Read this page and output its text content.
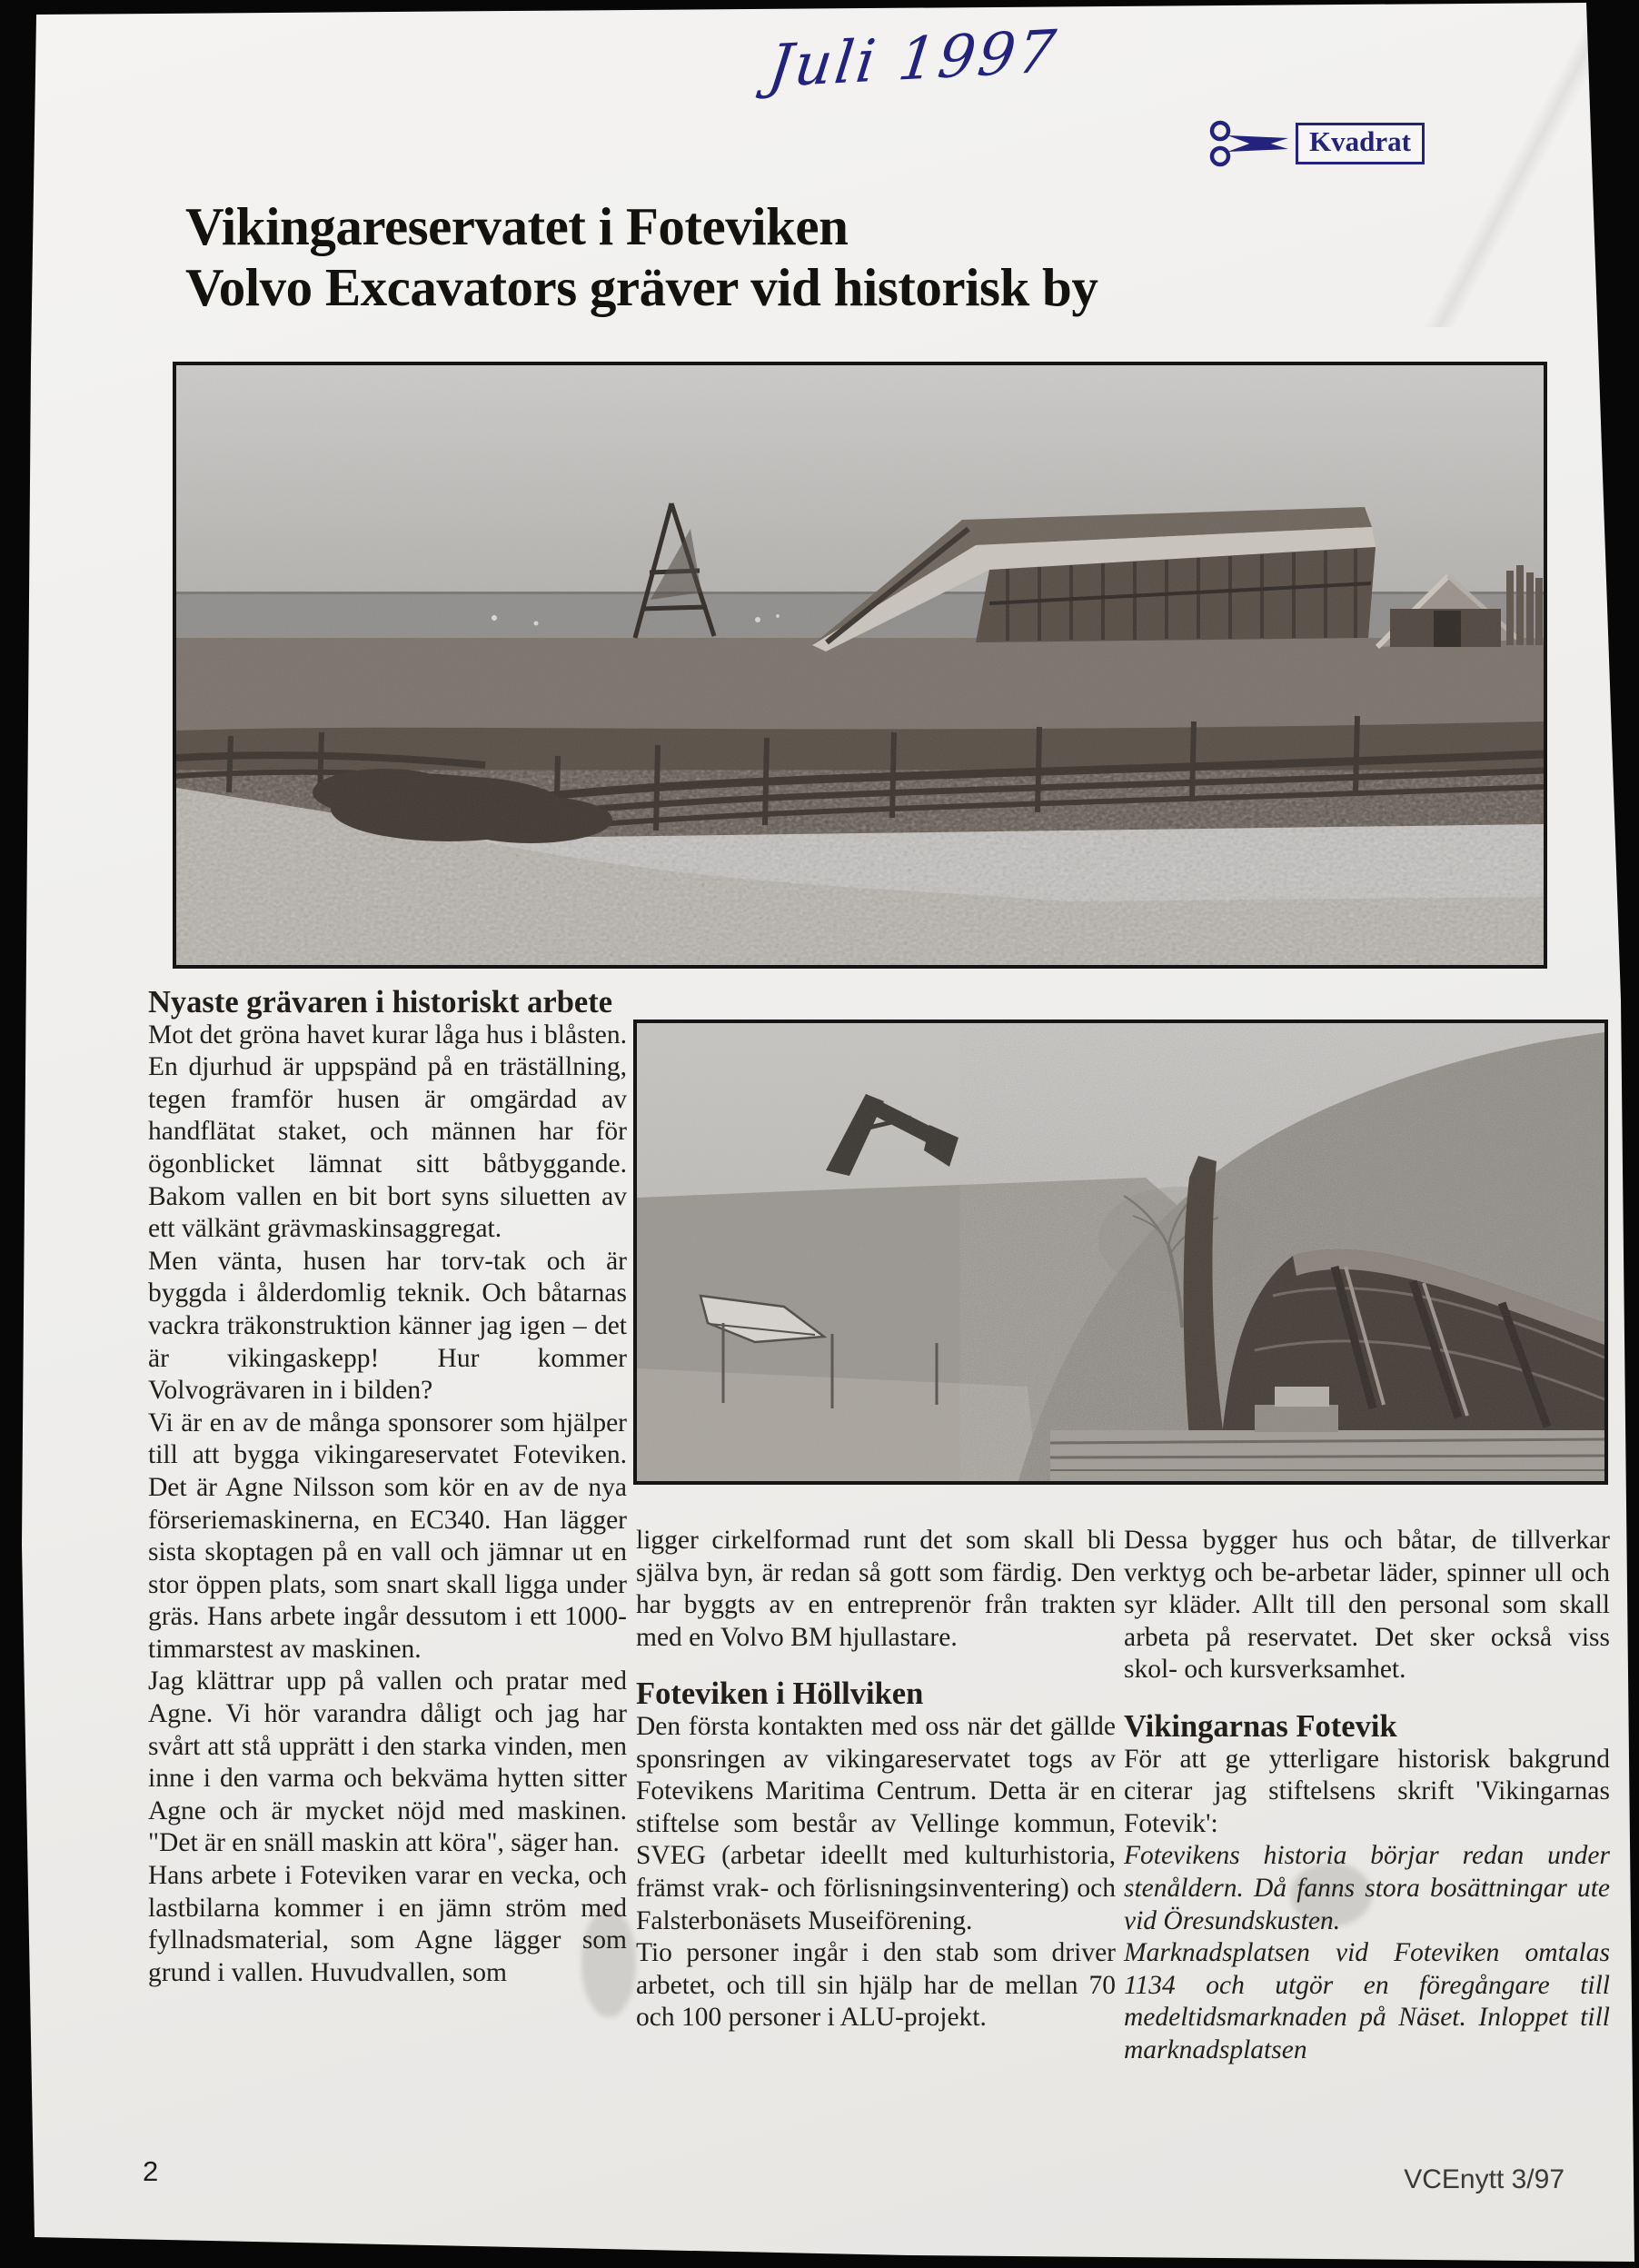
Juli 1997
Kvadrat
Vikingareservatet i Foteviken
Volvo Excavators gräver vid historisk by
Nyaste grävaren i historiskt arbete

Mot det gröna havet kurar låga hus i blåsten. En djurhud är uppspänd på en träställning, tegen framför husen är omgärdad av handflätat staket, och männen har för ögonblicket lämnat sitt båtbyggande. Bakom vallen en bit bort syns siluetten av ett välkänt grävmaskinsaggregat.

Men vänta, husen har torv-tak och är byggda i ålderdomlig teknik. Och båtarnas vackra träkonstruktion känner jag igen – det är vikingaskepp! Hur kommer Volvogrävaren in i bilden?

Vi är en av de många sponsorer som hjälper till att bygga vikingareservatet Foteviken. Det är Agne Nilsson som kör en av de nya förseriemaskinerna, en EC340. Han lägger sista skoptagen på en vall och jämnar ut en stor öppen plats, som snart skall ligga under gräs. Hans arbete ingår dessutom i ett 1000-timmarstest av maskinen.

Jag klättrar upp på vallen och pratar med Agne. Vi hör varandra dåligt och jag har svårt att stå upprätt i den starka vinden, men inne i den varma och bekväma hytten sitter Agne och är mycket nöjd med maskinen. "Det är en snäll maskin att köra", säger han.

Hans arbete i Foteviken varar en vecka, och lastbilarna kommer i en jämn ström med fyllnadsmaterial, som Agne lägger som grund i vallen. Huvudvallen, som

ligger cirkelformad runt det som skall bli själva byn, är redan så gott som färdig. Den har byggts av en entreprenör från trakten med en Volvo BM hjullastare.

Foteviken i Höllviken

Den första kontakten med oss när det gällde sponsringen av vikingareservatet togs av Fotevikens Maritima Centrum. Detta är en stiftelse som består av Vellinge kommun, SVEG (arbetar ideellt med kulturhistoria, främst vrak- och förlisningsinventering) och Falsterbonäsets Museiförening.

Tio personer ingår i den stab som driver arbetet, och till sin hjälp har de mellan 70 och 100 personer i ALU-projekt.

Dessa bygger hus och båtar, de tillverkar verktyg och be-arbetar läder, spinner ull och syr kläder. Allt till den personal som skall arbeta på reservatet. Det sker också viss skol- och kursverksamhet.

Vikingarnas Fotevik

För att ge ytterligare historisk bakgrund citerar jag stiftelsens skrift 'Vikingarnas Fotevik':

Fotevikens historia börjar redan under stenåldern. Då fanns stora bosättningar ute vid Öresundskusten.

Marknadsplatsen vid Foteviken omtalas 1134 och utgör en föregångare till medeltidsmarknaden på Näset. Inloppet till marknadsplatsen

2	VCEnytt 3/97
